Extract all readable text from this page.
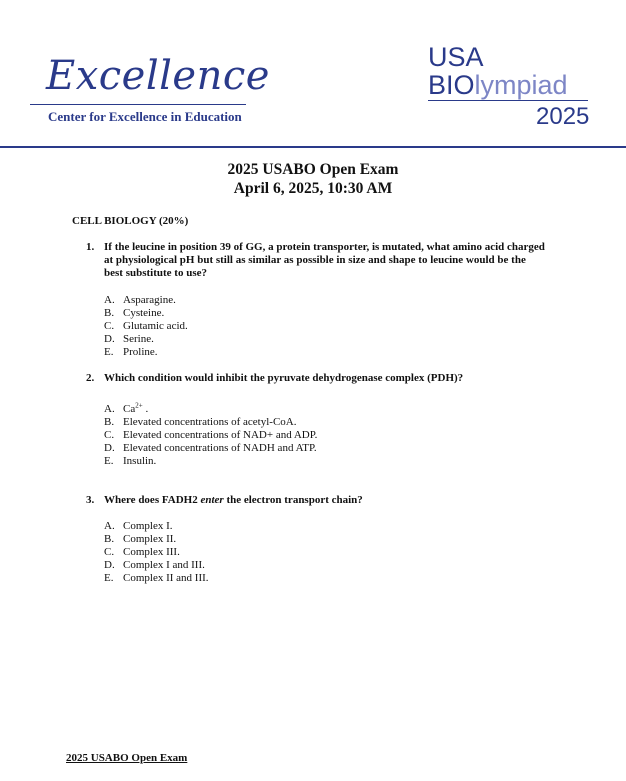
Excellence
Center for Excellence in Education
USA
BIOlympiad
2025
2025 USABO Open Exam
April 6, 2025, 10:30 AM
CELL BIOLOGY (20%)
1. If the leucine in position 39 of GG, a protein transporter, is mutated, what amino acid charged at physiological pH but still as similar as possible in size and shape to leucine would be the best substitute to use?
A. Asparagine.
B. Cysteine.
C. Glutamic acid.
D. Serine.
E. Proline.
2. Which condition would inhibit the pyruvate dehydrogenase complex (PDH)?
A. $Ca^{2+}$ .
B. Elevated concentrations of acetyl-CoA.
C. Elevated concentrations of NAD+ and ADP.
D. Elevated concentrations of NADH and ATP.
E. Insulin.
3. Where does FADH2 enter the electron transport chain?
A. Complex I.
B. Complex II.
C. Complex III.
D. Complex I and III.
E. Complex II and III.
2025 USABO Open Exam
